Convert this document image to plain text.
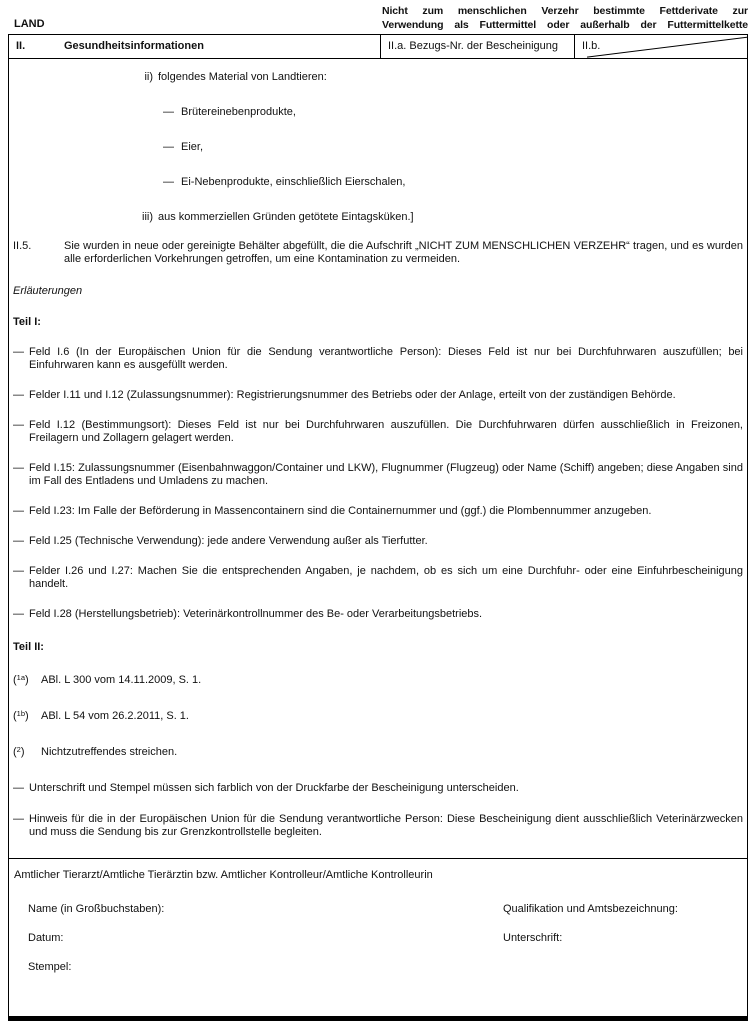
LAND
Nicht zum menschlichen Verzehr bestimmte Fettderivate zur
Verwendung als Futtermittel oder außerhalb der Futtermittelkette
II.	Gesundheitsinformationen	II.a. Bezugs-Nr. der Bescheinigung	II.b.
ii) folgendes Material von Landtieren:
— Brütereinebenprodukte,
— Eier,
— Ei-Nebenprodukte, einschließlich Eierschalen,
iii) aus kommerziellen Gründen getötete Eintagsküken.]
II.5.	Sie wurden in neue oder gereinigte Behälter abgefüllt, die die Aufschrift „NICHT ZUM MENSCHLICHEN VERZEHR“ tragen, und es wurden alle erforderlichen Vorkehrungen getroffen, um eine Kontamination zu vermeiden.
Erläuterungen
Teil I:
— Feld I.6 (In der Europäischen Union für die Sendung verantwortliche Person): Dieses Feld ist nur bei Durchfuhrwaren auszufüllen; bei Einfuhrwaren kann es ausgefüllt werden.
— Felder I.11 und I.12 (Zulassungsnummer): Registrierungsnummer des Betriebs oder der Anlage, erteilt von der zuständigen Behörde.
— Feld I.12 (Bestimmungsort): Dieses Feld ist nur bei Durchfuhrwaren auszufüllen. Die Durchfuhrwaren dürfen ausschließlich in Freizonen, Freilagern und Zollagern gelagert werden.
— Feld I.15: Zulassungsnummer (Eisenbahnwaggon/Container und LKW), Flugnummer (Flugzeug) oder Name (Schiff) angeben; diese Angaben sind im Fall des Entladens und Umladens zu machen.
— Feld I.23: Im Falle der Beförderung in Massencontainern sind die Containernummer und (ggf.) die Plombennummer anzugeben.
— Feld I.25 (Technische Verwendung): jede andere Verwendung außer als Tierfutter.
— Felder I.26 und I.27: Machen Sie die entsprechenden Angaben, je nachdem, ob es sich um eine Durchfuhr- oder eine Einfuhrbescheinigung handelt.
— Feld I.28 (Herstellungsbetrieb): Veterinärkontrollnummer des Be- oder Verarbeitungsbetriebs.
Teil II:
($^{1a}$)	ABl. L 300 vom 14.11.2009, S. 1.
($^{1b}$)	ABl. L 54 vom 26.2.2011, S. 1.
($^2$)	Nichtzutreffendes streichen.
— Unterschrift und Stempel müssen sich farblich von der Druckfarbe der Bescheinigung unterscheiden.
— Hinweis für die in der Europäischen Union für die Sendung verantwortliche Person: Diese Bescheinigung dient ausschließlich Veterinärzwecken und muss die Sendung bis zur Grenzkontrollstelle begleiten.
Amtlicher Tierarzt/Amtliche Tierärztin bzw. Amtlicher Kontrolleur/Amtliche Kontrolleurin
Name (in Großbuchstaben):	Qualifikation und Amtsbezeichnung:
Datum:	Unterschrift:
Stempel:
